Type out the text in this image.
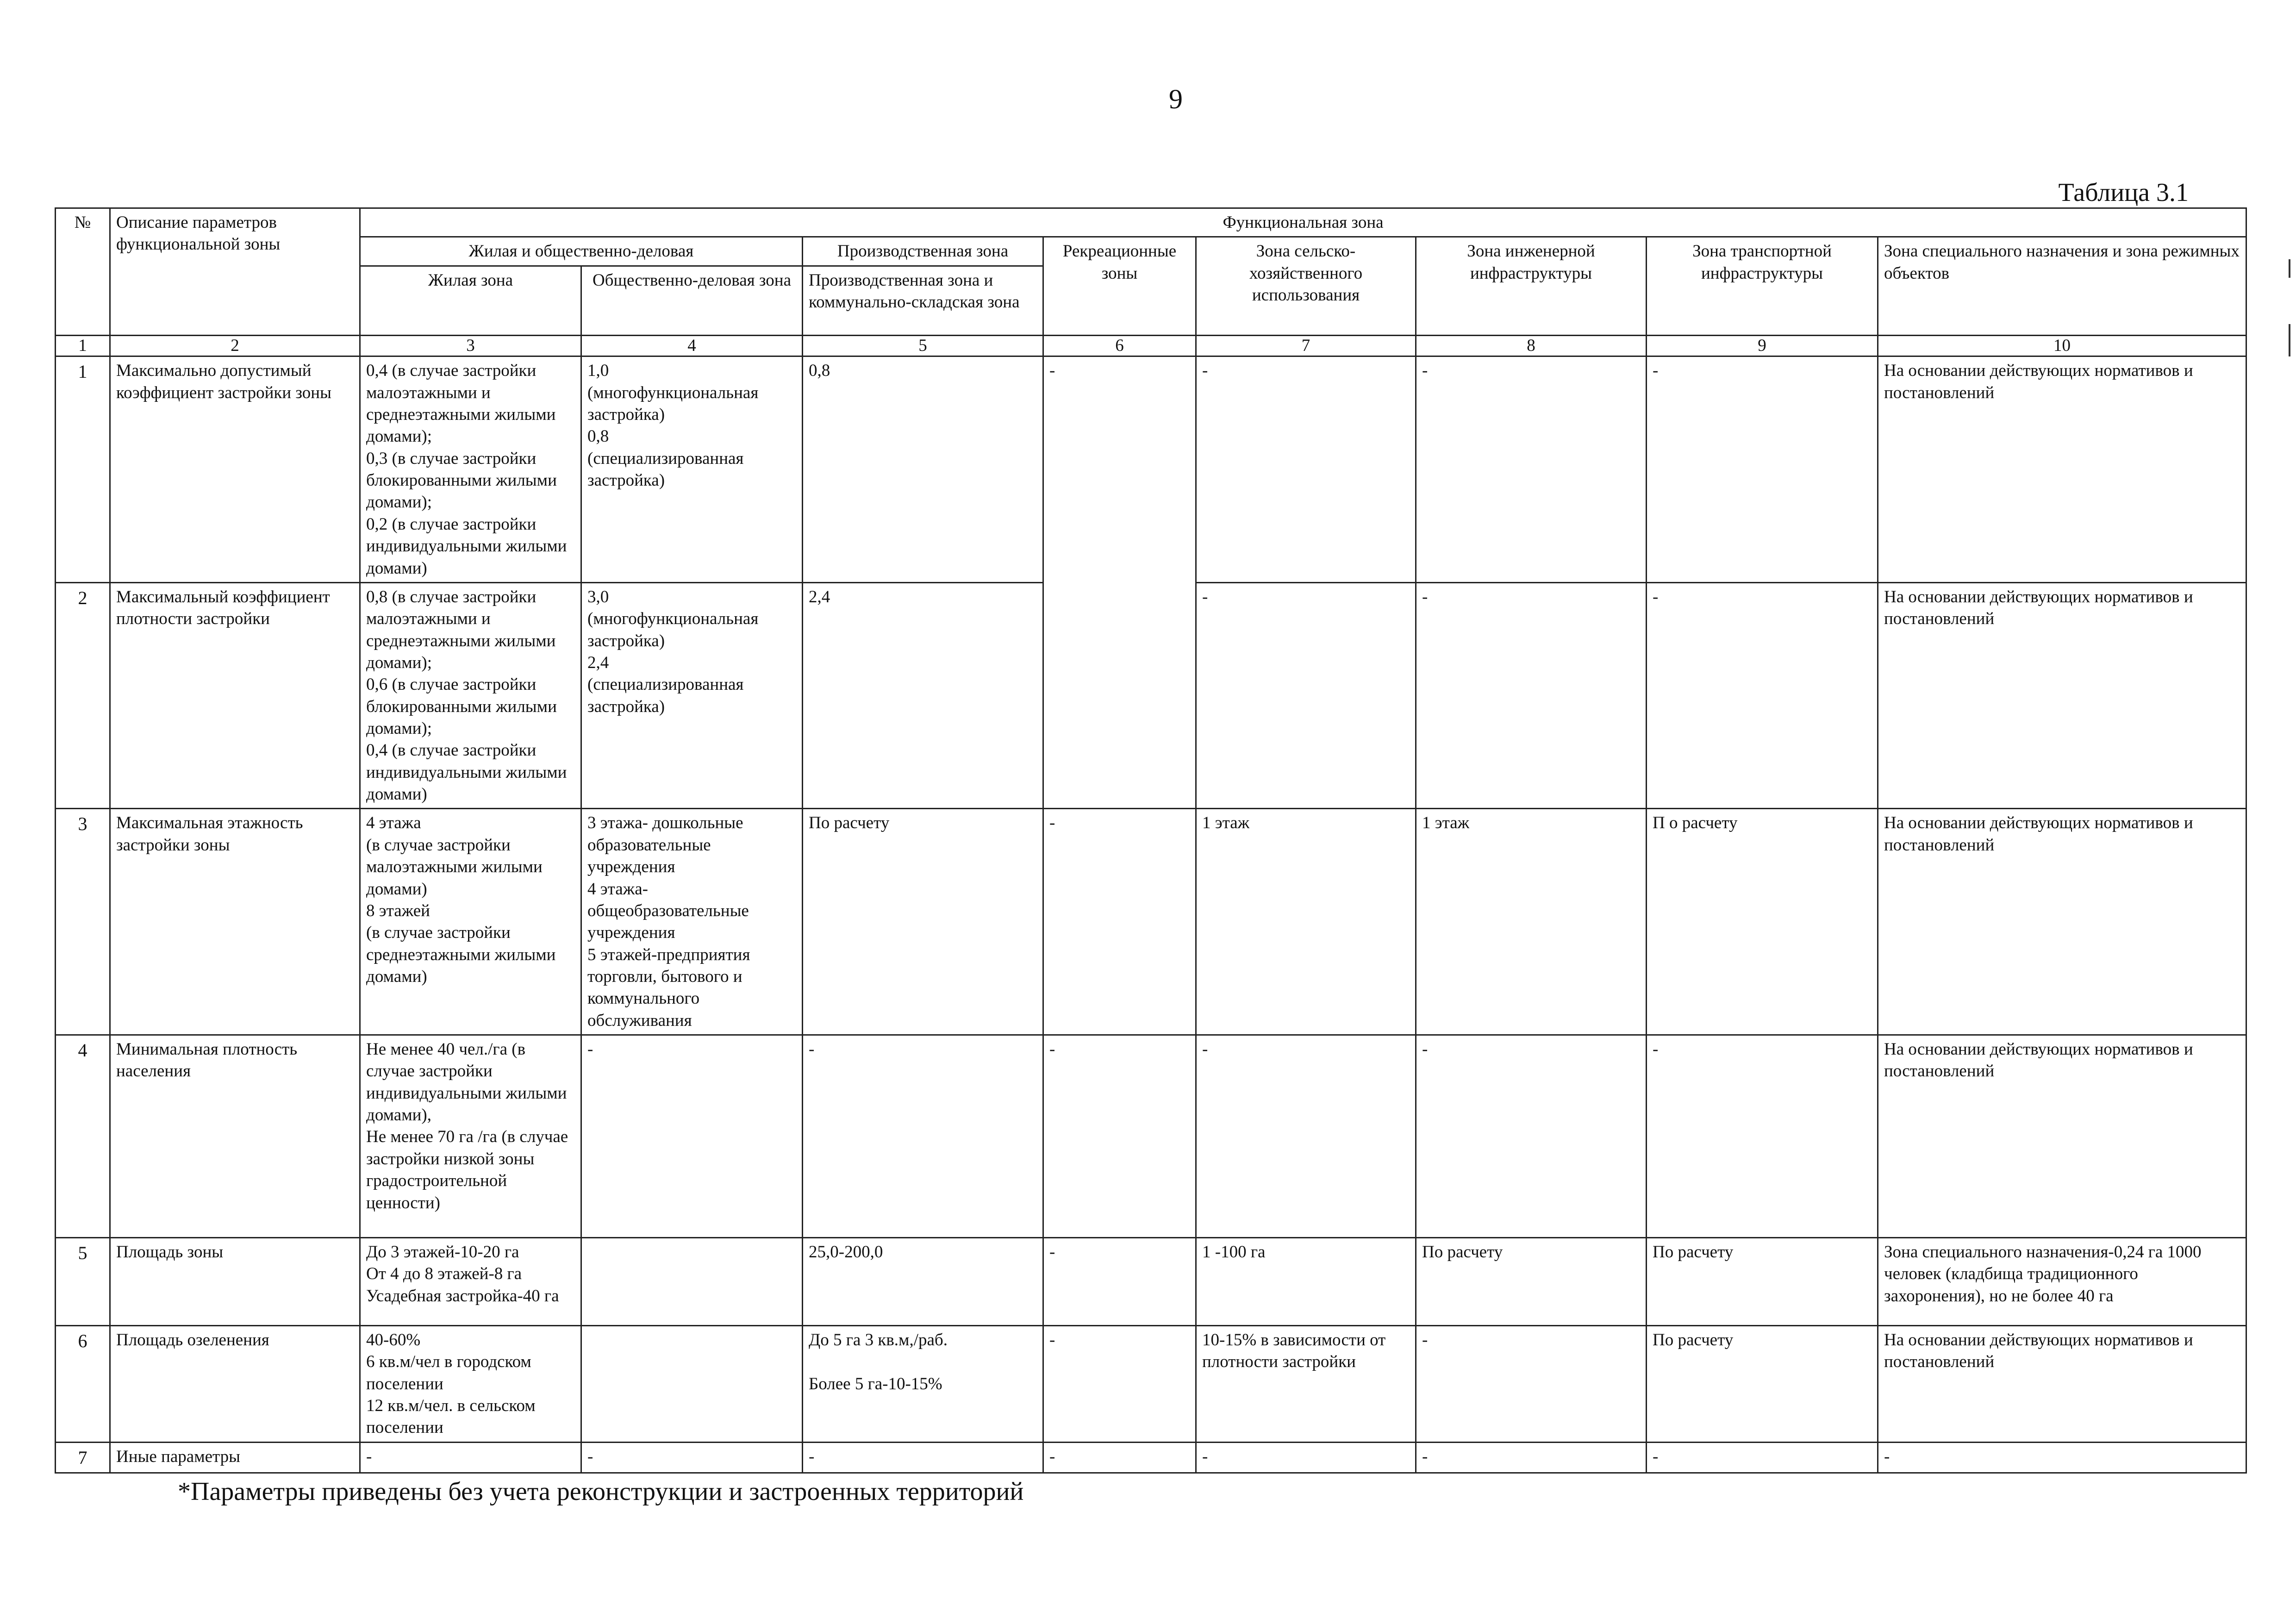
9
Таблица 3.1
№	Описание параметров функциональной зоны	Функциональная зона							
		Жилая и общественно-деловая		Производственная зона	Рекреационные зоны	Зона сельско-хозяйственного использования	Зона инженерной инфраструктуры	Зона транспортной инфраструктуры	Зона специального назначения и зона режимных объектов
		Жилая зона	Общественно-деловая зона	Производственная зона и коммунально-складская зона					
1	2	3	4	5	6	7	8	9	10
1	Максимально допустимый коэффициент застройки зоны	0,4 (в случае застройки малоэтажными и среднеэтажными жилыми домами);
0,3 (в случае застройки блокированными жилыми домами);
0,2 (в случае застройки индивидуальными жилыми домами)	1,0
(многофункциональная застройка)
0,8
(специализированная застройка)	0,8	-	-	-	-	На основании действующих нормативов и постановлений
2	Максимальный коэффициент плотности застройки	0,8 (в случае застройки малоэтажными и среднеэтажными жилыми домами);
0,6 (в случае застройки блокированными жилыми домами);
0,4 (в случае застройки индивидуальными жилыми домами)	3,0
(многофункциональная застройка)
2,4
(специализированная застройка)	2,4		-	-	-	На основании действующих нормативов и постановлений
3	Максимальная этажность застройки зоны	4 этажа
(в случае застройки малоэтажными жилыми домами)
8 этажей
(в случае застройки среднеэтажными жилыми домами)	3 этажа- дошкольные образовательные учреждения
4 этажа- общеобразовательные учреждения
5 этажей-предприятия торговли, бытового и коммунального обслуживания	По расчету	-	1 этаж	1 этаж	П о расчету	На основании действующих нормативов и постановлений
4	Минимальная плотность населения	Не менее 40 чел./га (в случае застройки индивидуальными жилыми домами),
Не менее 70 га /га (в случае застройки низкой зоны градостроительной ценности)	-	-	-	-	-	-	На основании действующих нормативов и постановлений
5	Площадь зоны	До 3 этажей-10-20 га
От 4 до 8 этажей-8 га
Усадебная застройка-40 га		25,0-200,0	-	1 -100 га	По расчету	По расчету	Зона специального назначения-0,24 га 1000 человек (кладбища традиционного захоронения), но не более 40 га
6	Площадь озеленения	40-60%
6 кв.м/чел в городском поселении
12 кв.м/чел. в сельском поселении		До 5 га 3 кв.м,/раб.

Более 5 га-10-15%	-	10-15% в зависимости от плотности застройки	-	По расчету	На основании действующих нормативов и постановлений
7	Иные параметры	-	-	-	-	-	-	-	-
*Параметры приведены без учета реконструкции и застроенных территорий
